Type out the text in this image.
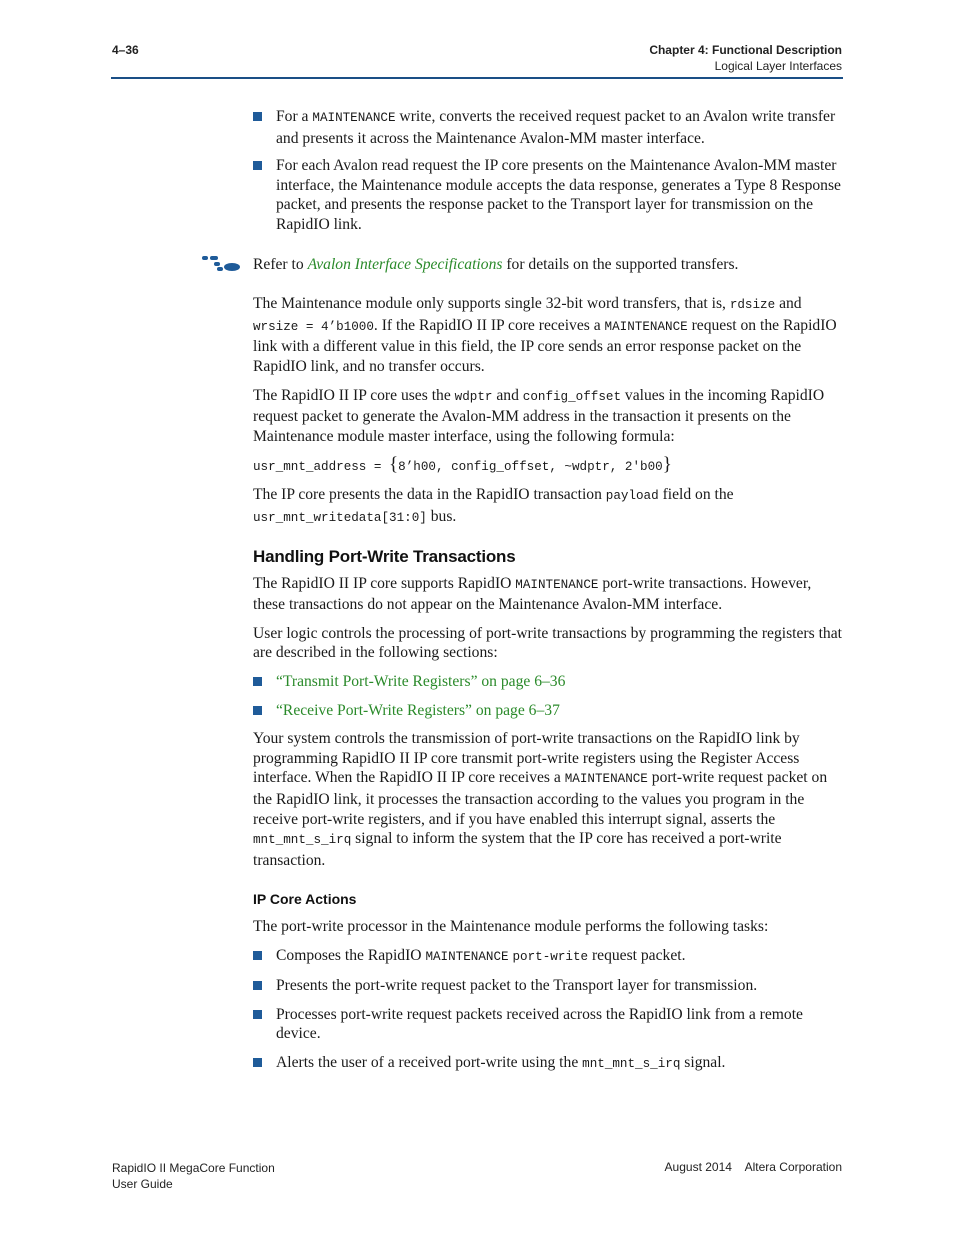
4–36	Chapter 4: Functional Description
Logical Layer Interfaces

For a MAINTENANCE write, converts the received request packet to an Avalon write transfer and presents it across the Maintenance Avalon-MM master interface.

For each Avalon read request the IP core presents on the Maintenance Avalon-MM master interface, the Maintenance module accepts the data response, generates a Type 8 Response packet, and presents the response packet to the Transport layer for transmission on the RapidIO link.

Refer to Avalon Interface Specifications for details on the supported transfers.

The Maintenance module only supports single 32-bit word transfers, that is, rdsize and wrsize = 4’b1000. If the RapidIO II IP core receives a MAINTENANCE request on the RapidIO link with a different value in this field, the IP core sends an error response packet on the RapidIO link, and no transfer occurs.

The RapidIO II IP core uses the wdptr and config_offset values in the incoming RapidIO request packet to generate the Avalon-MM address in the transaction it presents on the Maintenance module master interface, using the following formula:

usr_mnt_address = {8’h00, config_offset, ~wdptr, 2'b00}

The IP core presents the data in the RapidIO transaction payload field on the usr_mnt_writedata[31:0] bus.

Handling Port-Write Transactions

The RapidIO II IP core supports RapidIO MAINTENANCE port-write transactions. However, these transactions do not appear on the Maintenance Avalon-MM interface.

User logic controls the processing of port-write transactions by programming the registers that are described in the following sections:

“Transmit Port-Write Registers” on page 6–36

“Receive Port-Write Registers” on page 6–37

Your system controls the transmission of port-write transactions on the RapidIO link by programming RapidIO II IP core transmit port-write registers using the Register Access interface. When the RapidIO II IP core receives a MAINTENANCE port-write request packet on the RapidIO link, it processes the transaction according to the values you program in the receive port-write registers, and if you have enabled this interrupt signal, asserts the mnt_mnt_s_irq signal to inform the system that the IP core has received a port-write transaction.

IP Core Actions

The port-write processor in the Maintenance module performs the following tasks:

Composes the RapidIO MAINTENANCE port-write request packet.

Presents the port-write request packet to the Transport layer for transmission.

Processes port-write request packets received across the RapidIO link from a remote device.

Alerts the user of a received port-write using the mnt_mnt_s_irq signal.

RapidIO II MegaCore Function
User Guide
August 2014    Altera Corporation
